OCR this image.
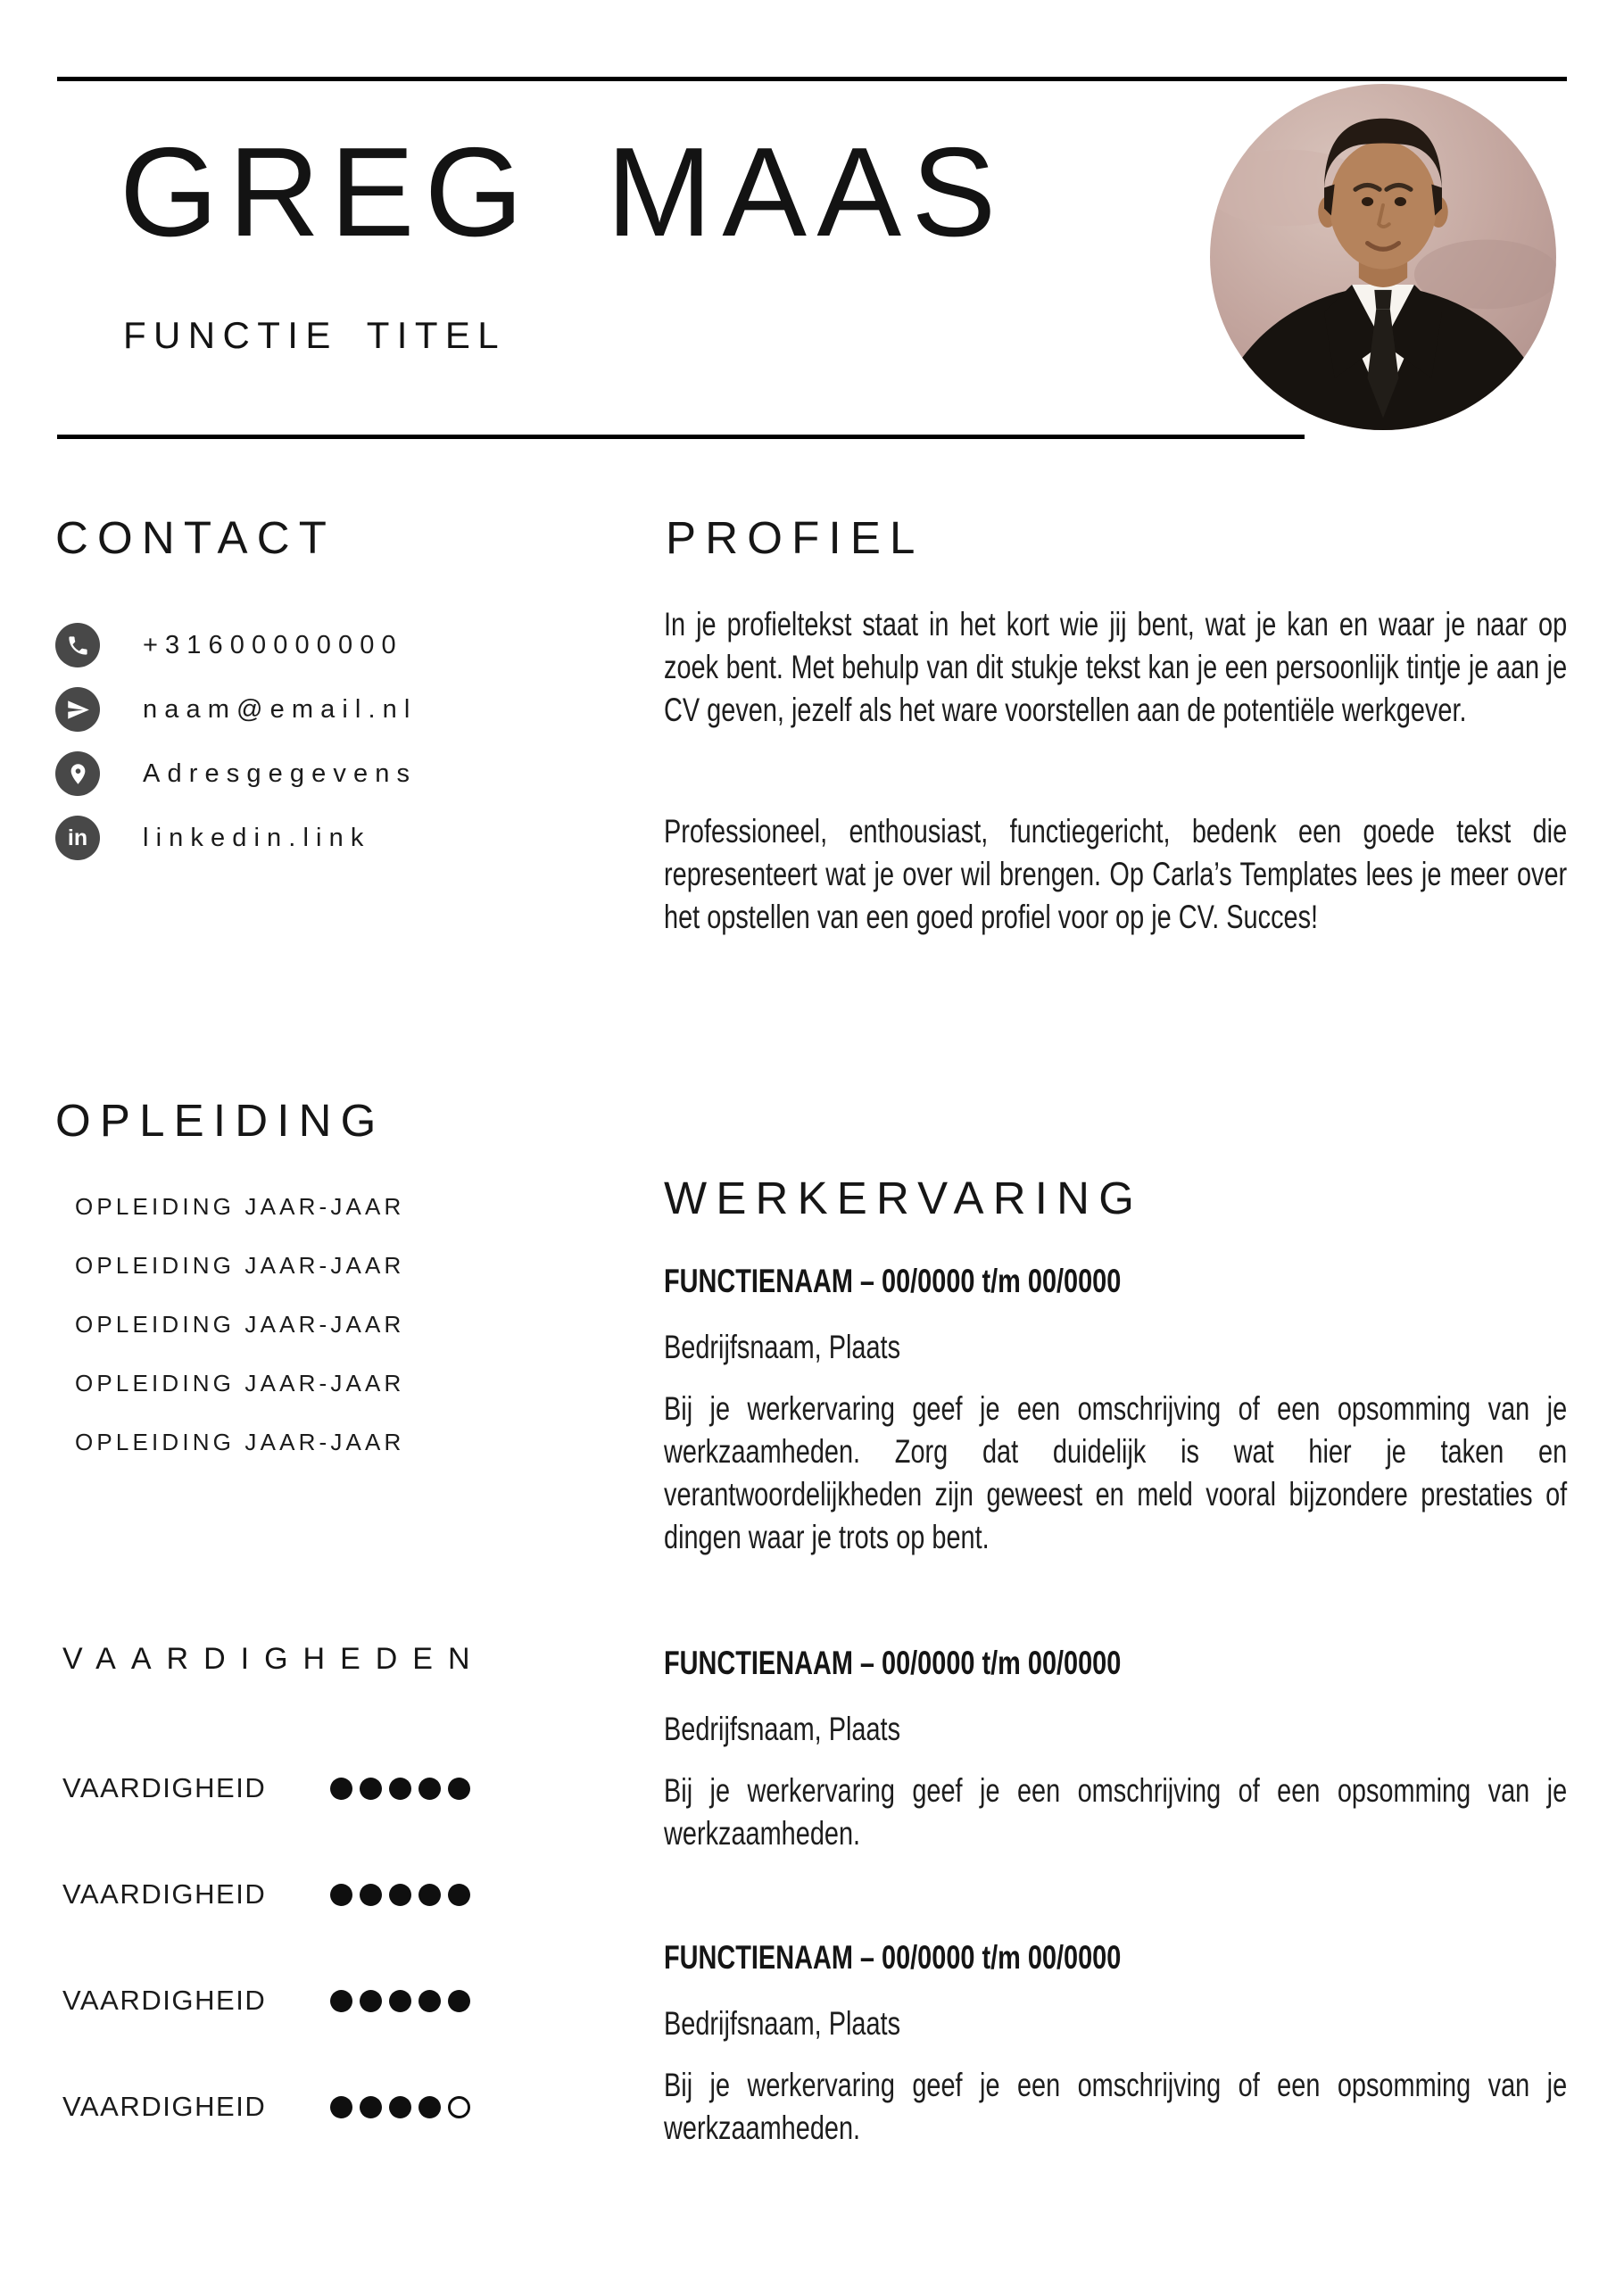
GREG MAAS
FUNCTIE TITEL
CONTACT
+31600000000
naam@email.nl
Adresgegevens
in linkedin.link
OPLEIDING
OPLEIDING JAAR-JAAR
OPLEIDING JAAR-JAAR
OPLEIDING JAAR-JAAR
OPLEIDING JAAR-JAAR
OPLEIDING JAAR-JAAR
VAARDIGHEDEN
VAARDIGHEID
VAARDIGHEID
VAARDIGHEID
VAARDIGHEID
PROFIEL

In je profieltekst staat in het kort wie jij bent, wat je kan en waar je naar op zoek bent. Met behulp van dit stukje tekst kan je een persoonlijk tintje je aan je CV geven, jezelf als het ware voorstellen aan de potentiële werkgever.

Professioneel, enthousiast, functiegericht, bedenk een goede tekst die representeert wat je over wil brengen. Op Carla’s Templates lees je meer over het opstellen van een goed profiel voor op je CV. Succes!

WERKERVARING
FUNCTIENAAM – 00/0000 t/m 00/0000
Bedrijfsnaam, Plaats
Bij je werkervaring geef je een omschrijving of een opsomming van je werkzaamheden. Zorg dat duidelijk is wat hier je taken en verantwoordelijkheden zijn geweest en meld vooral bijzondere prestaties of dingen waar je trots op bent.
FUNCTIENAAM – 00/0000 t/m 00/0000
Bedrijfsnaam, Plaats
Bij je werkervaring geef je een omschrijving of een opsomming van je werkzaamheden.
FUNCTIENAAM – 00/0000 t/m 00/0000
Bedrijfsnaam, Plaats
Bij je werkervaring geef je een omschrijving of een opsomming van je werkzaamheden.
